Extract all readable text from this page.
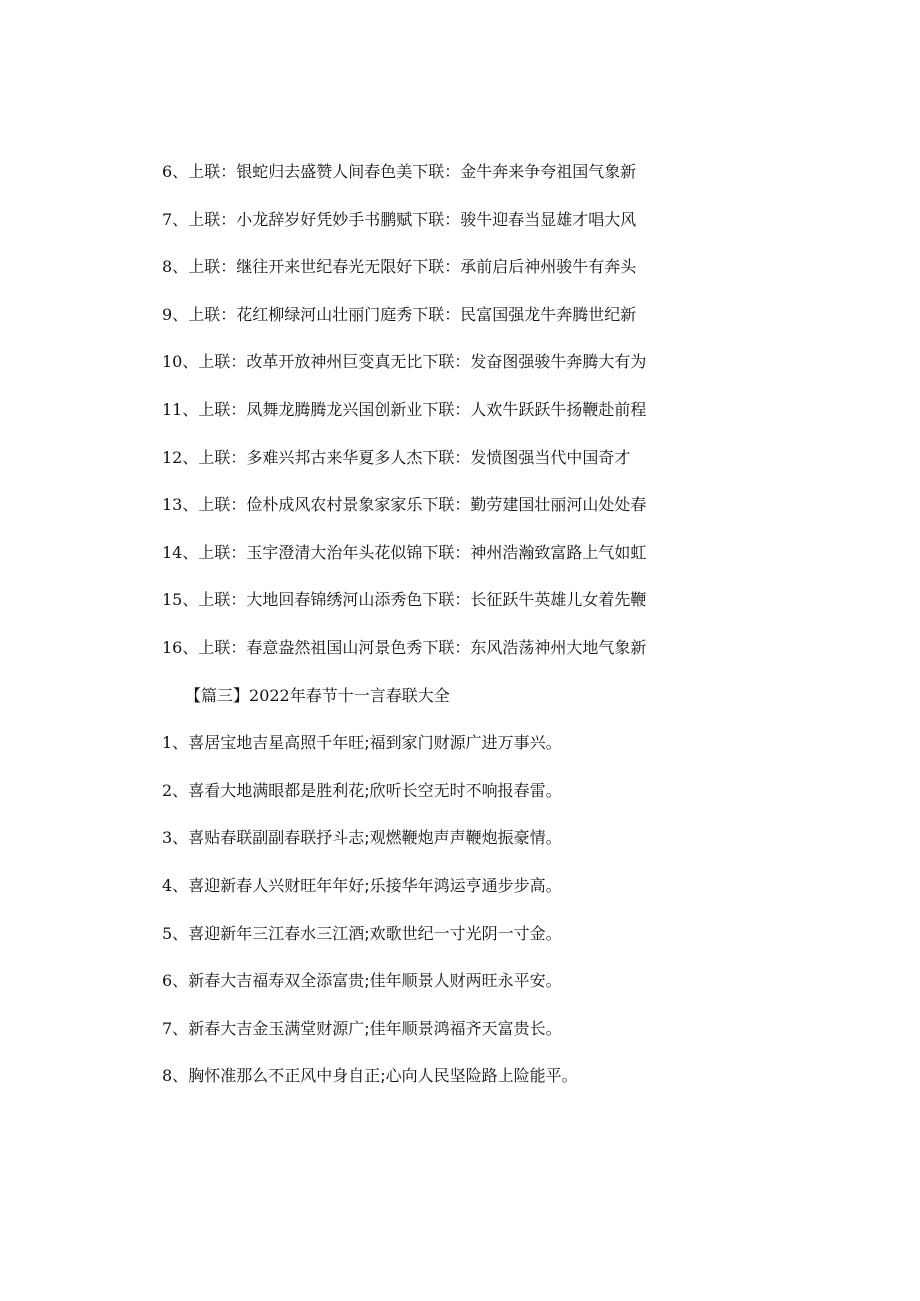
6、上联：银蛇归去盛赞人间春色美下联：金牛奔来争夸祖国气象新
7、上联：小龙辞岁好凭妙手书鹏赋下联：骏牛迎春当显雄才唱大风
8、上联：继往开来世纪春光无限好下联：承前启后神州骏牛有奔头
9、上联：花红柳绿河山壮丽门庭秀下联：民富国强龙牛奔腾世纪新
10、上联：改革开放神州巨变真无比下联：发奋图强骏牛奔腾大有为
11、上联：凤舞龙腾腾龙兴国创新业下联：人欢牛跃跃牛扬鞭赴前程
12、上联：多难兴邦古来华夏多人杰下联：发愤图强当代中国奇才
13、上联：俭朴成风农村景象家家乐下联：勤劳建国壮丽河山处处春
14、上联：玉宇澄清大治年头花似锦下联：神州浩瀚致富路上气如虹
15、上联：大地回春锦绣河山添秀色下联：长征跃牛英雄儿女着先鞭
16、上联：春意盎然祖国山河景色秀下联：东风浩荡神州大地气象新
【篇三】2022年春节十一言春联大全
1、喜居宝地吉星高照千年旺;福到家门财源广进万事兴。
2、喜看大地满眼都是胜利花;欣听长空无时不响报春雷。
3、喜贴春联副副春联抒斗志;观燃鞭炮声声鞭炮振豪情。
4、喜迎新春人兴财旺年年好;乐接华年鸿运亨通步步高。
5、喜迎新年三江春水三江酒;欢歌世纪一寸光阴一寸金。
6、新春大吉福寿双全添富贵;佳年顺景人财两旺永平安。
7、新春大吉金玉满堂财源广;佳年顺景鸿福齐天富贵长。
8、胸怀准那么不正风中身自正;心向人民坚险路上险能平。
